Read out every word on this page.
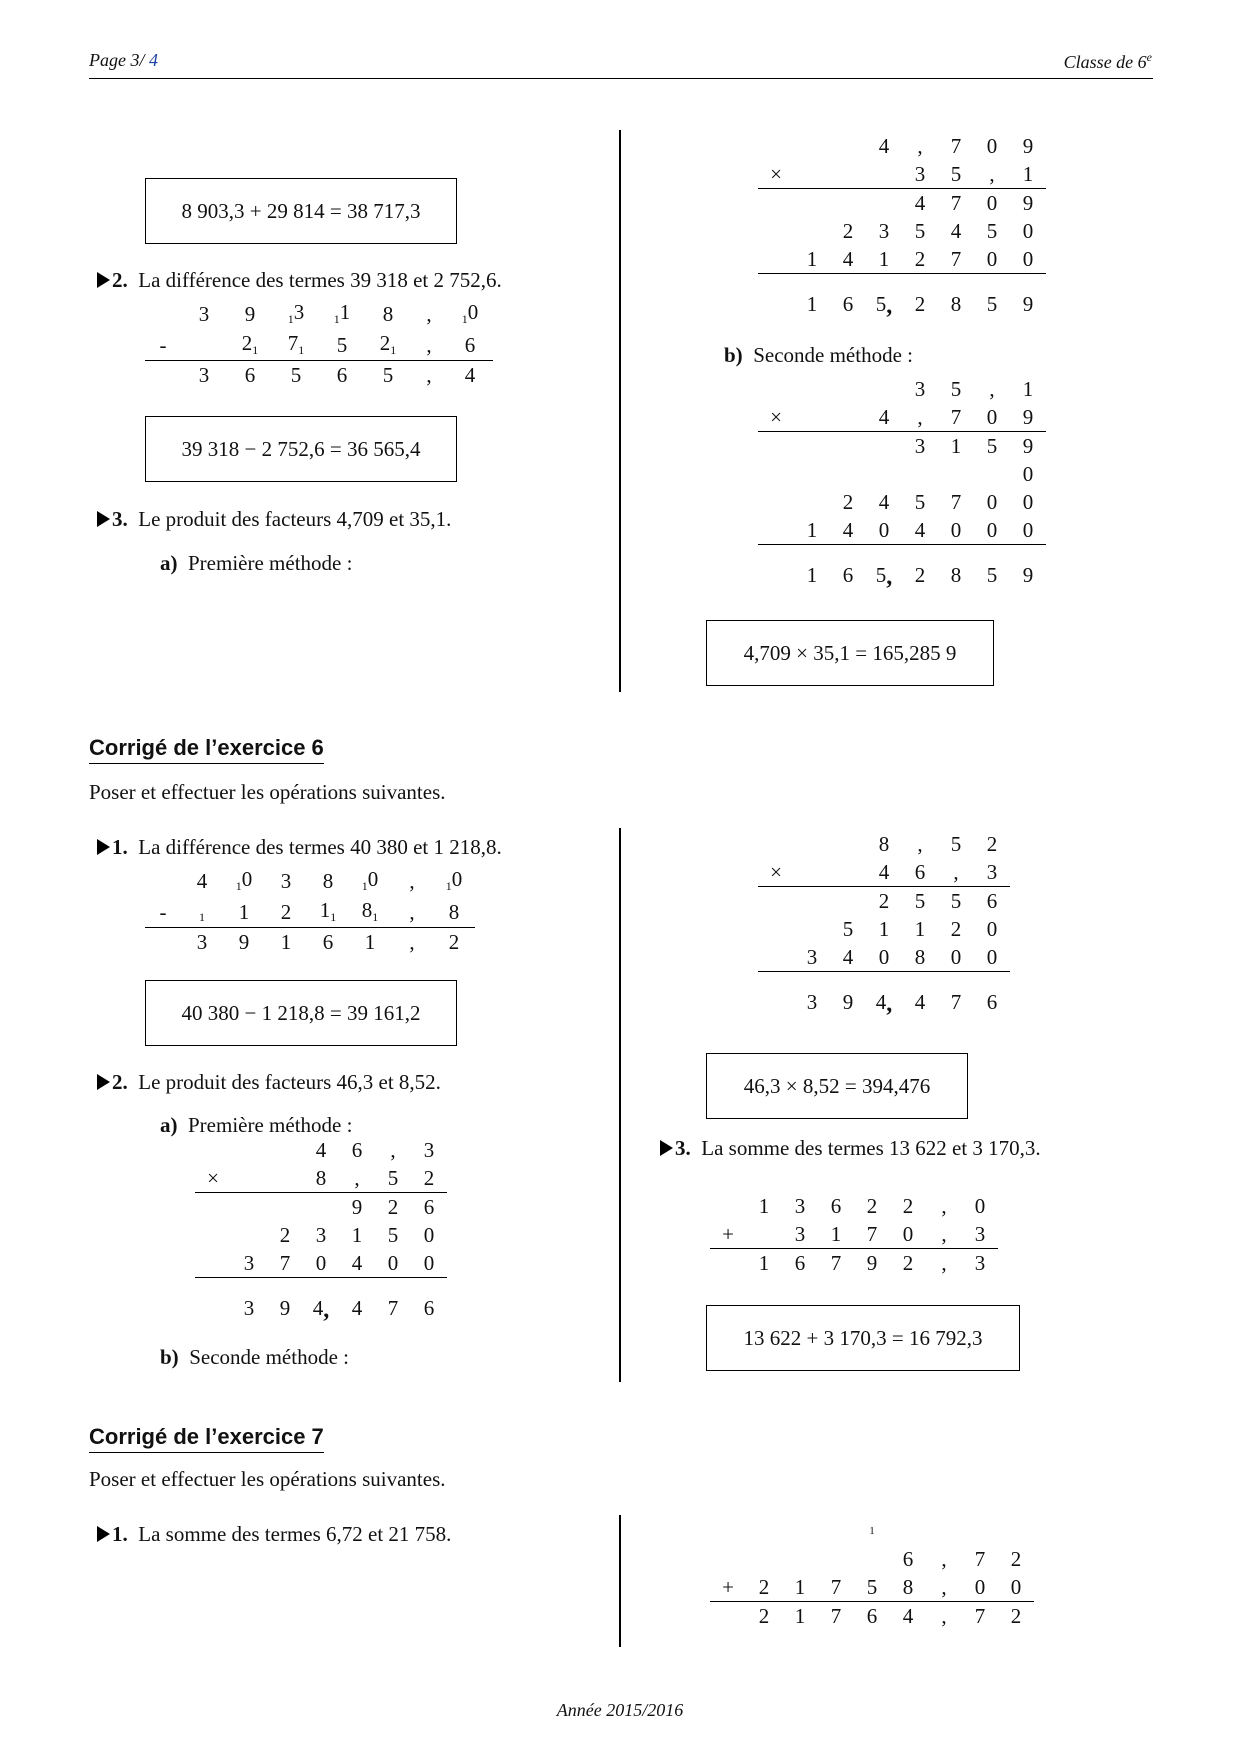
Page 3/ 4	Classe de 6e
8 903,3 + 29 814 = 38 717,3
2. La différence des termes 39 318 et 2 752,6.
	3	9	13	11	8	,	10
-		21	71	5	21	,	6
	3	6	5	6	5	,	4
39 318 − 2 752,6 = 36 565,4
3. Le produit des facteurs 4,709 et 35,1.
a) Première méthode :
			4	,	7	0	9
×				3	5	,	1
				4	7	0	9
		2	3	5	4	5	0
	1	4	1	2	7	0	0

	1	6	5,	2	8	5	9
b) Seconde méthode :
				3	5	,	1
×			4	,	7	0	9
				3	1	5	9
							0
		2	4	5	7	0	0
	1	4	0	4	0	0	0

	1	6	5,	2	8	5	9
4,709 × 35,1 = 165,285 9
Corrigé de l’exercice 6
Poser et effectuer les opérations suivantes.
1. La différence des termes 40 380 et 1 218,8.
	4	10	3	8	10	,	10
-	1	1	2	11	81	,	8
	3	9	1	6	1	,	2
40 380 − 1 218,8 = 39 161,2
2. Le produit des facteurs 46,3 et 8,52.
a) Première méthode :
			4	6	,	3
×			8	,	5	2
				9	2	6
		2	3	1	5	0
	3	7	0	4	0	0

	3	9	4,	4	7	6
b) Seconde méthode :
			8	,	5	2
×			4	6	,	3
			2	5	5	6
		5	1	1	2	0
	3	4	0	8	0	0

	3	9	4,	4	7	6
46,3 × 8,52 = 394,476
3. La somme des termes 13 622 et 3 170,3.
	1	3	6	2	2	,	0
+		3	1	7	0	,	3
	1	6	7	9	2	,	3
13 622 + 3 170,3 = 16 792,3
Corrigé de l’exercice 7
Poser et effectuer les opérations suivantes.
1. La somme des termes 6,72 et 21 758.
					1				
					6	,	7	2
+	2	1	7	5	8	,	0	0
	2	1	7	6	4	,	7	2
Année 2015/2016
